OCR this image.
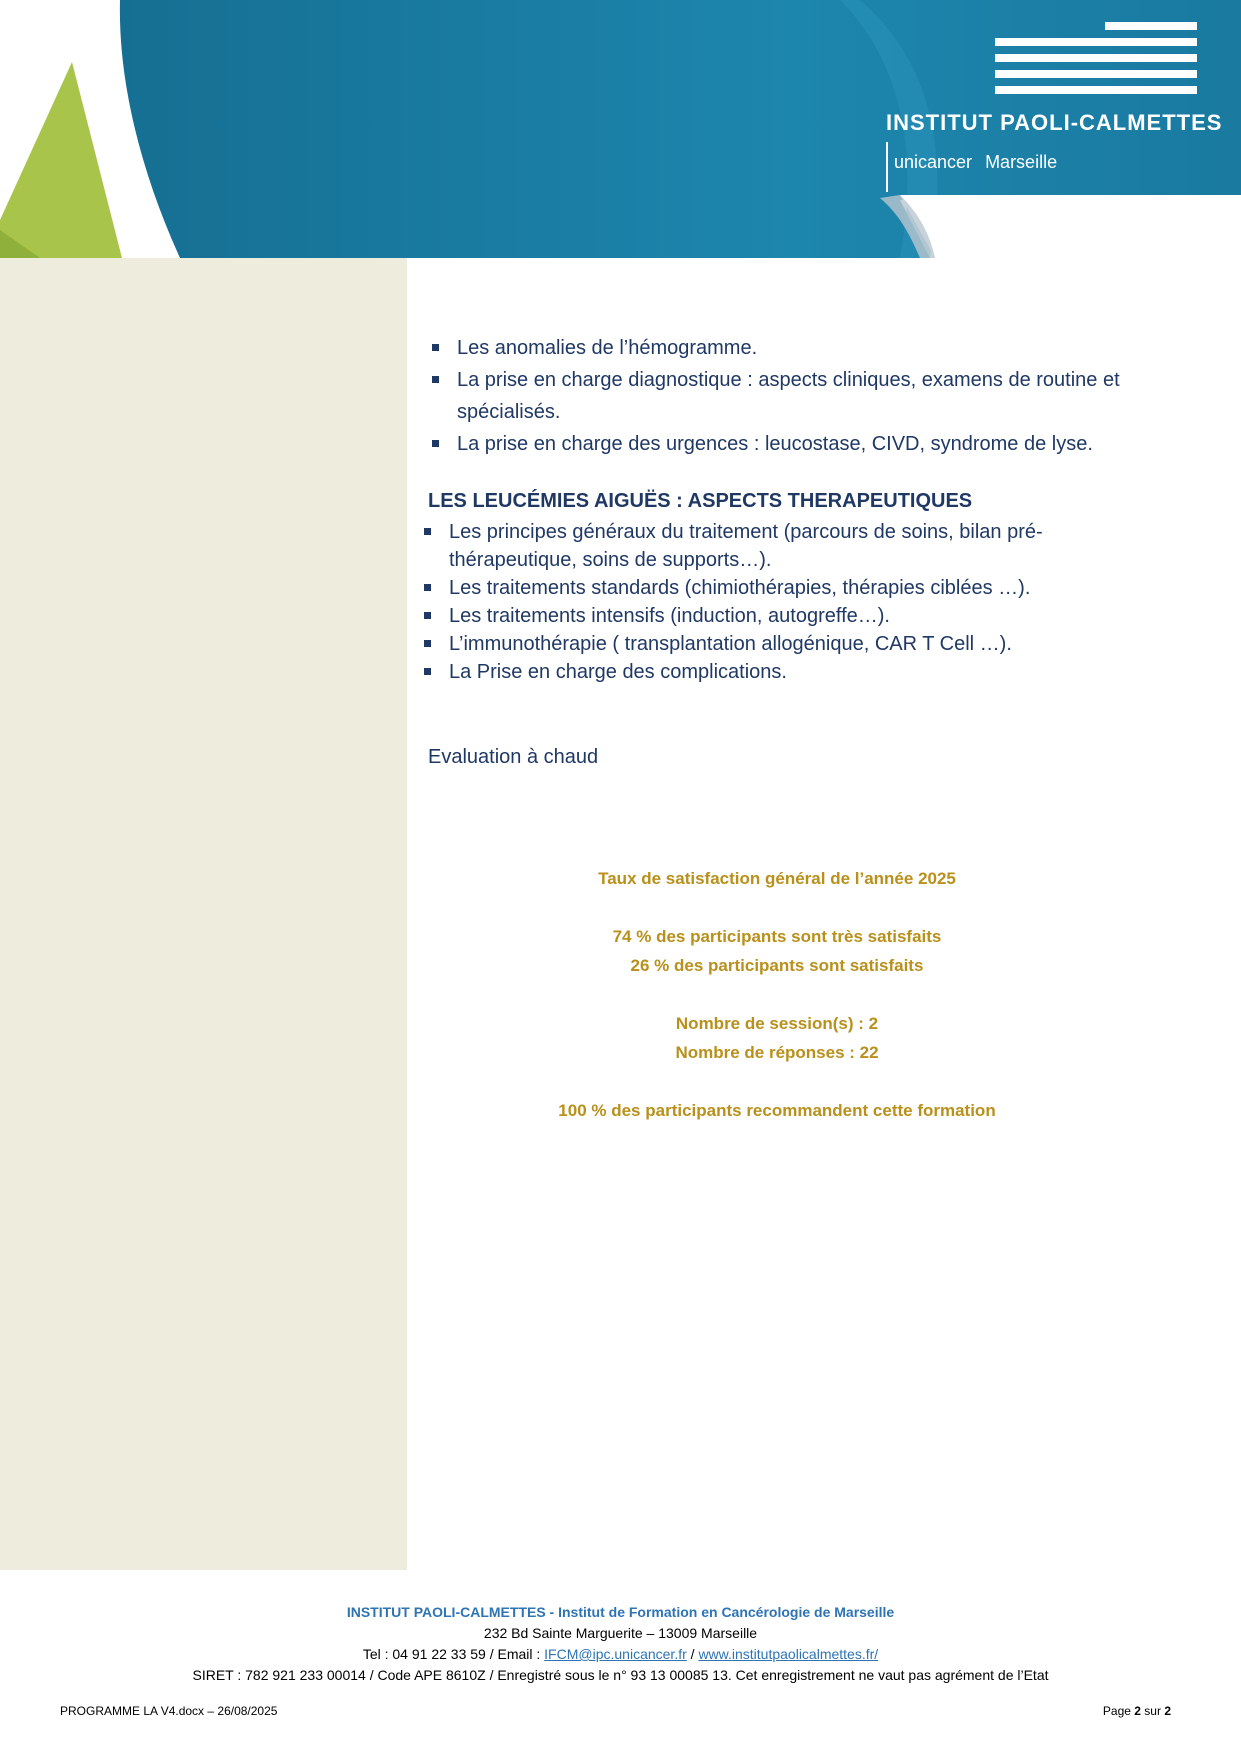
INSTITUT PAOLI-CALMETTES
unicancer Marseille
Les anomalies de l’hémogramme.
La prise en charge diagnostique : aspects cliniques, examens de routine et spécialisés.
La prise en charge des urgences : leucostase, CIVD, syndrome de lyse.
LES LEUCÉMIES AIGUËS : ASPECTS THERAPEUTIQUES
Les principes généraux du traitement (parcours de soins, bilan pré-thérapeutique, soins de supports…).
Les traitements standards (chimiothérapies, thérapies ciblées …).
Les traitements intensifs (induction, autogreffe…).
L’immunothérapie ( transplantation allogénique, CAR T Cell …).
La Prise en charge des complications.
Evaluation à chaud
Taux de satisfaction général de l’année 2025
74 % des participants sont très satisfaits
26 % des participants sont satisfaits
Nombre de session(s) : 2
Nombre de réponses : 22
100 % des participants recommandent cette formation
INSTITUT PAOLI-CALMETTES - Institut de Formation en Cancérologie de Marseille
232 Bd Sainte Marguerite – 13009 Marseille
Tel : 04 91 22 33 59 / Email : IFCM@ipc.unicancer.fr / www.institutpaolicalmettes.fr/
SIRET : 782 921 233 00014 / Code APE 8610Z / Enregistré sous le n° 93 13 00085 13. Cet enregistrement ne vaut pas agrément de l’Etat
PROGRAMME LA V4.docx – 26/08/2025	Page 2 sur 2
